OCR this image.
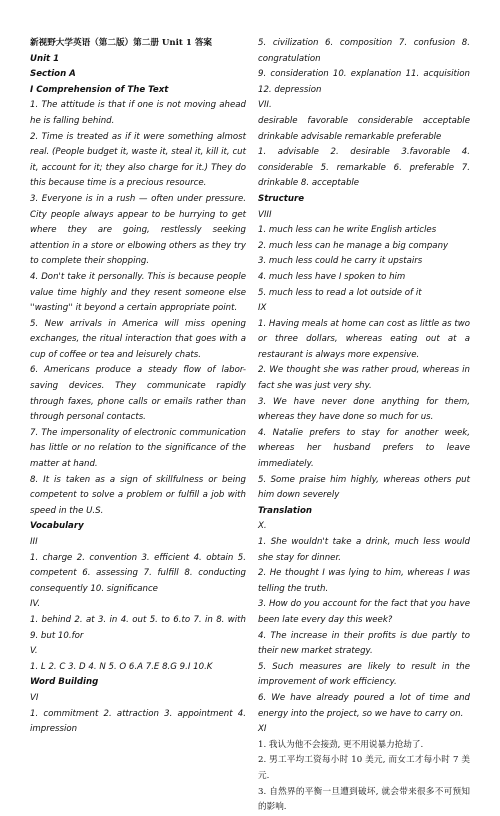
新视野大学英语（第二版）第二册 Unit 1 答案

Unit 1

Section A

I Comprehension of The Text

1. The attitude is that if one is not moving ahead he is falling behind.

2. Time is treated as if it were something almost real. (People budget it, waste it, steal it, kill it, cut it, account for it; they also charge for it.) They do this because time is a precious resource.

3. Everyone is in a rush — often under pressure. City people always appear to be hurrying to get where they are going, restlessly seeking attention in a store or elbowing others as they try to complete their shopping.

4. Don't take it personally. This is because people value time highly and they resent someone else ''wasting'' it beyond a certain appropriate point.

5. New arrivals in America will miss opening exchanges, the ritual interaction that goes with a cup of coffee or tea and leisurely chats.

6. Americans produce a steady flow of labor-saving devices. They communicate rapidly through faxes, phone calls or emails rather than through personal contacts.

7. The impersonality of electronic communication has little or no relation to the significance of the matter at hand.

8. It is taken as a sign of skillfulness or being competent to solve a problem or fulfill a job with speed in the U.S.

Vocabulary

III

1. charge 2. convention 3. efficient 4. obtain 5. competent 6. assessing 7. fulfill 8. conducting consequently 10. significance

IV.

1. behind 2. at 3. in 4. out 5. to 6.to 7. in 8. with 9. but 10.for

V.

1. L 2. C 3. D 4. N 5. O 6.A 7.E 8.G 9.I 10.K

Word Building

VI

1. commitment 2. attraction 3. appointment 4. impression

5. civilization 6. composition 7. confusion 8. congratulation

9. consideration 10. explanation 11. acquisition 12. depression

VII.

desirable favorable considerable acceptable drinkable advisable remarkable preferable

1. advisable 2. desirable 3.favorable 4. considerable 5. remarkable 6. preferable 7. drinkable 8. acceptable

Structure

VIII

1. much less can he write English articles

2. much less can he manage a big company

3. much less could he carry it upstairs

4. much less have I spoken to him

5. much less to read a lot outside of it

IX

1. Having meals at home can cost as little as two or three dollars, whereas eating out at a restaurant is always more expensive.

2. We thought she was rather proud, whereas in fact she was just very shy.

3. We have never done anything for them, whereas they have done so much for us.

4. Natalie prefers to stay for another week, whereas her husband prefers to leave immediately.

5. Some praise him highly, whereas others put him down severely

Translation

X.

1. She wouldn't take a drink, much less would she stay for dinner.

2. He thought I was lying to him, whereas I was telling the truth.

3. How do you account for the fact that you have been late every day this week?

4. The increase in their profits is due partly to their new market strategy.

5. Such measures are likely to result in the improvement of work efficiency.

6. We have already poured a lot of time and energy into the project, so we have to carry on.

XI

1. 我认为他不会接劲, 更不用说暴力抢劫了.

2. 男工平均工资每小时 10 美元, 而女工才每小时 7 美元.

3. 自然界的平衡一旦遭到破坏, 就会带来很多不可预知的影响.
